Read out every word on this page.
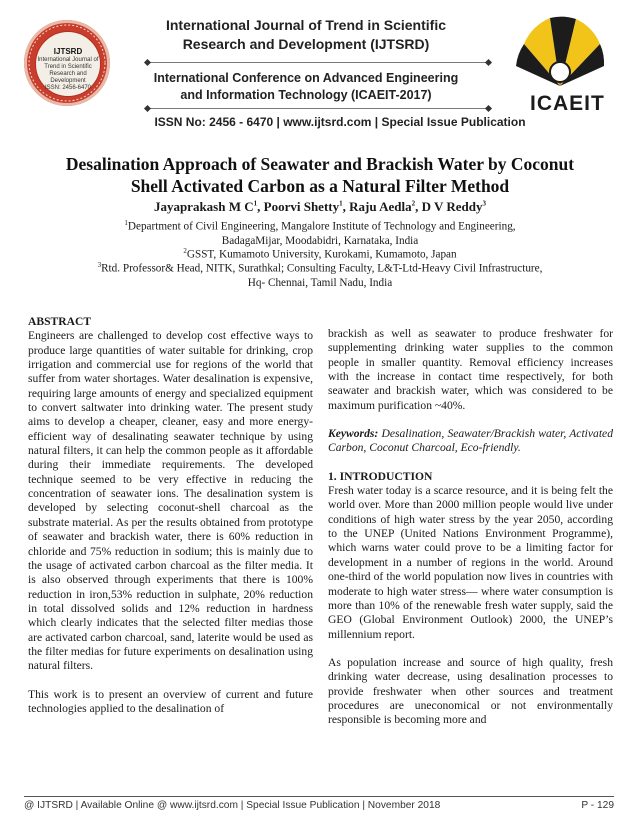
IJTSRD
International Journal of Trend in Scientific Research and Development
ISSN: 2456-6470
International Journal of Trend in Scientific
Research and Development (IJTSRD)
International Conference on Advanced Engineering
and Information Technology (ICAEIT-2017)
ISSN No: 2456 - 6470 | www.ijtsrd.com | Special Issue Publication
ICAEIT
Desalination Approach of Seawater and Brackish Water by Coconut
Shell Activated Carbon as a Natural Filter Method
Jayaprakash M $C^1$, Poorvi Shetty$^1$, Raju Aedla$^2$, D V Reddy$^3$
$^1$Department of Civil Engineering, Mangalore Institute of Technology and Engineering,
BadagaMijar, Moodabidri, Karnataka, India
$^2$GSST, Kumamoto University, Kurokami, Kumamoto, Japan
$^3$Rtd. Professor& Head, NITK, Surathkal; Consulting Faculty, L&T-Ltd-Heavy Civil Infrastructure,
Hq- Chennai, Tamil Nadu, India

ABSTRACT

Engineers are challenged to develop cost effective ways to produce large quantities of water suitable for drinking, crop irrigation and commercial use for regions of the world that suffer from water shortages. Water desalination is expensive, requiring large amounts of energy and specialized equipment to convert saltwater into drinking water. The present study aims to develop a cheaper, cleaner, easy and more energy-efficient way of desalinating seawater technique by using natural filters, it can help the common people as it affordable during their immediate requirements. The developed technique seemed to be very effective in reducing the concentration of seawater ions. The desalination system is developed by selecting coconut-shell charcoal as the substrate material. As per the results obtained from prototype of seawater and brackish water, there is 60% reduction in chloride and 75% reduction in sodium; this is mainly due to the usage of activated carbon charcoal as the filter media. It is also observed through experiments that there is 100% reduction in iron,53% reduction in sulphate, 20% reduction in total dissolved solids and 12% reduction in hardness which clearly indicates that the selected filter medias those are activated carbon charcoal, sand, laterite would be used as the filter medias for future experiments on desalination using natural filters.

This work is to present an overview of current and future technologies applied to the desalination of

brackish as well as seawater to produce freshwater for supplementing drinking water supplies to the common people in smaller quantity. Removal efficiency increases with the increase in contact time respectively, for both seawater and brackish water, which was considered to be maximum purification ~40%.

Keywords: Desalination, Seawater/Brackish water, Activated Carbon, Coconut Charcoal, Eco-friendly.

1. INTRODUCTION

Fresh water today is a scarce resource, and it is being felt the world over. More than 2000 million people would live under conditions of high water stress by the year 2050, according to the UNEP (United Nations Environment Programme), which warns water could prove to be a limiting factor for development in a number of regions in the world. Around one-third of the world population now lives in countries with moderate to high water stress— where water consumption is more than 10% of the renewable fresh water supply, said the GEO (Global Environment Outlook) 2000, the UNEP’s millennium report.

As population increase and source of high quality, fresh drinking water decrease, using desalination processes to provide freshwater when other sources and treatment procedures are uneconomical or not environmentally responsible is becoming more and

@ IJTSRD | Available Online @ www.ijtsrd.com | Special Issue Publication | November 2018	P - 129
